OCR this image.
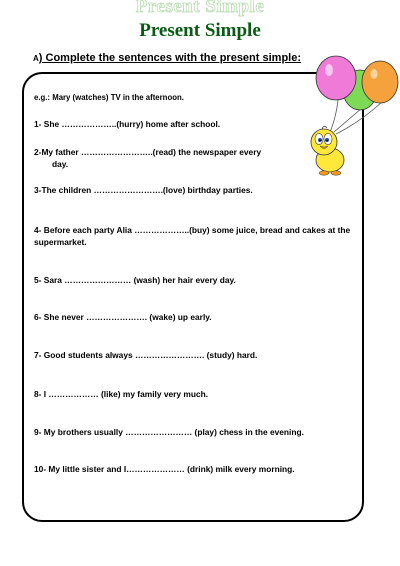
Present Simple
Present Simple
A) Complete the sentences with the present simple:
e.g.: Mary (watches) TV in the afternoon.
1- She ………………..(hurry) home after school.
2-My father ……………………..(read) the newspaper every
day.
3-The children …………………….(love) birthday parties.
4- Before each party Alia ………………..(buy) some juice, bread and cakes at the supermarket.
5- Sara …………………… (wash) her hair every day.
6- She never …………………. (wake) up early.
7- Good students always ……………………. (study) hard.
8- I ……………… (like) my family very much.
9- My brothers usually …………………… (play) chess in the evening.
10- My little sister and I………………… (drink) milk every morning.
